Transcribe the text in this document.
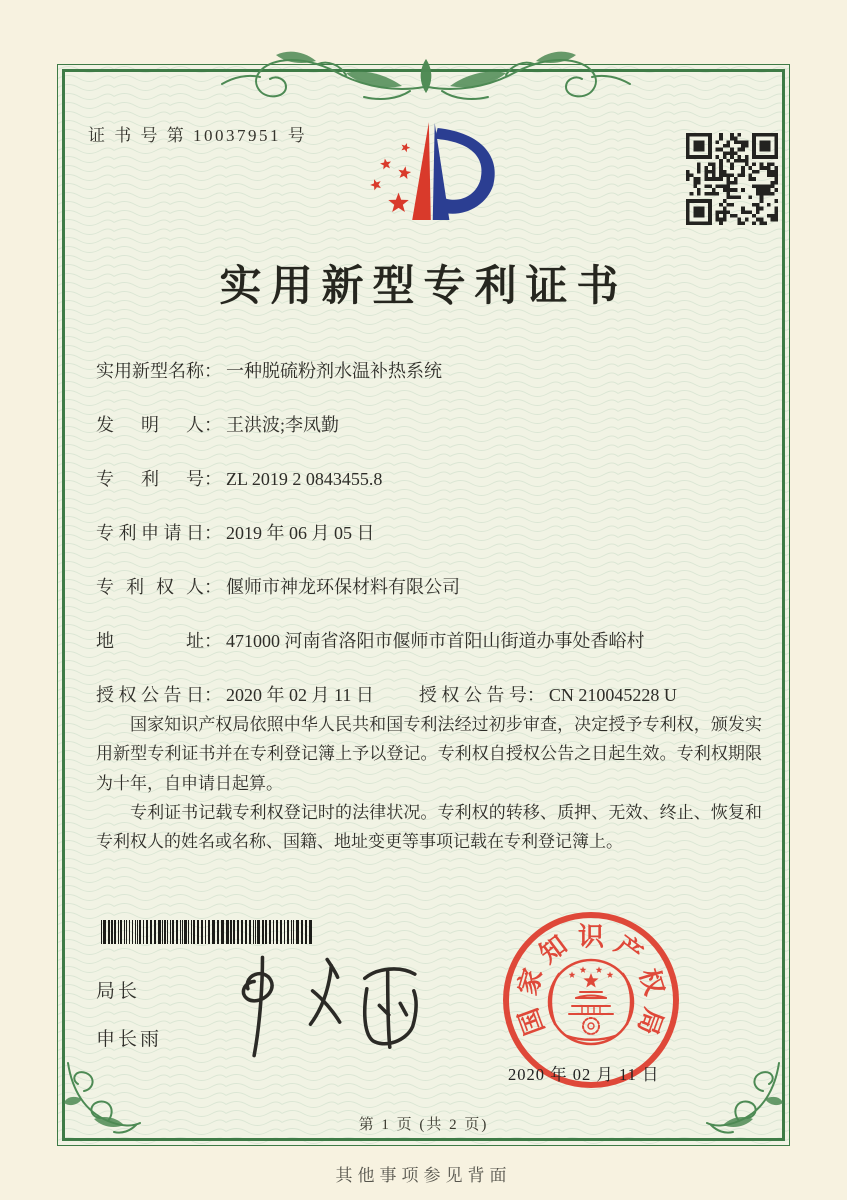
证 书 号 第 10037951 号
实用新型专利证书
实用新型名称： 一种脱硫粉剂水温补热系统
发明人： 王洪波;李凤勤
专利号： ZL 2019 2 0843455.8
专利申请日： 2019 年 06 月 05 日
专利权人： 偃师市神龙环保材料有限公司
地址： 471000 河南省洛阳市偃师市首阳山街道办事处香峪村
授权公告日： 2020 年 02 月 11 日	授权公告号： CN 210045228 U

国家知识产权局依照中华人民共和国专利法经过初步审查，决定授予专利权，颁发实用新型专利证书并在专利登记簿上予以登记。专利权自授权公告之日起生效。专利权期限为十年，自申请日起算。

专利证书记载专利权登记时的法律状况。专利权的转移、质押、无效、终止、恢复和专利权人的姓名或名称、国籍、地址变更等事项记载在专利登记簿上。

局长
申长雨
国
家
知 识 产
权
局
2020 年 02 月 11 日
第 1 页 (共 2 页)
其他事项参见背面
